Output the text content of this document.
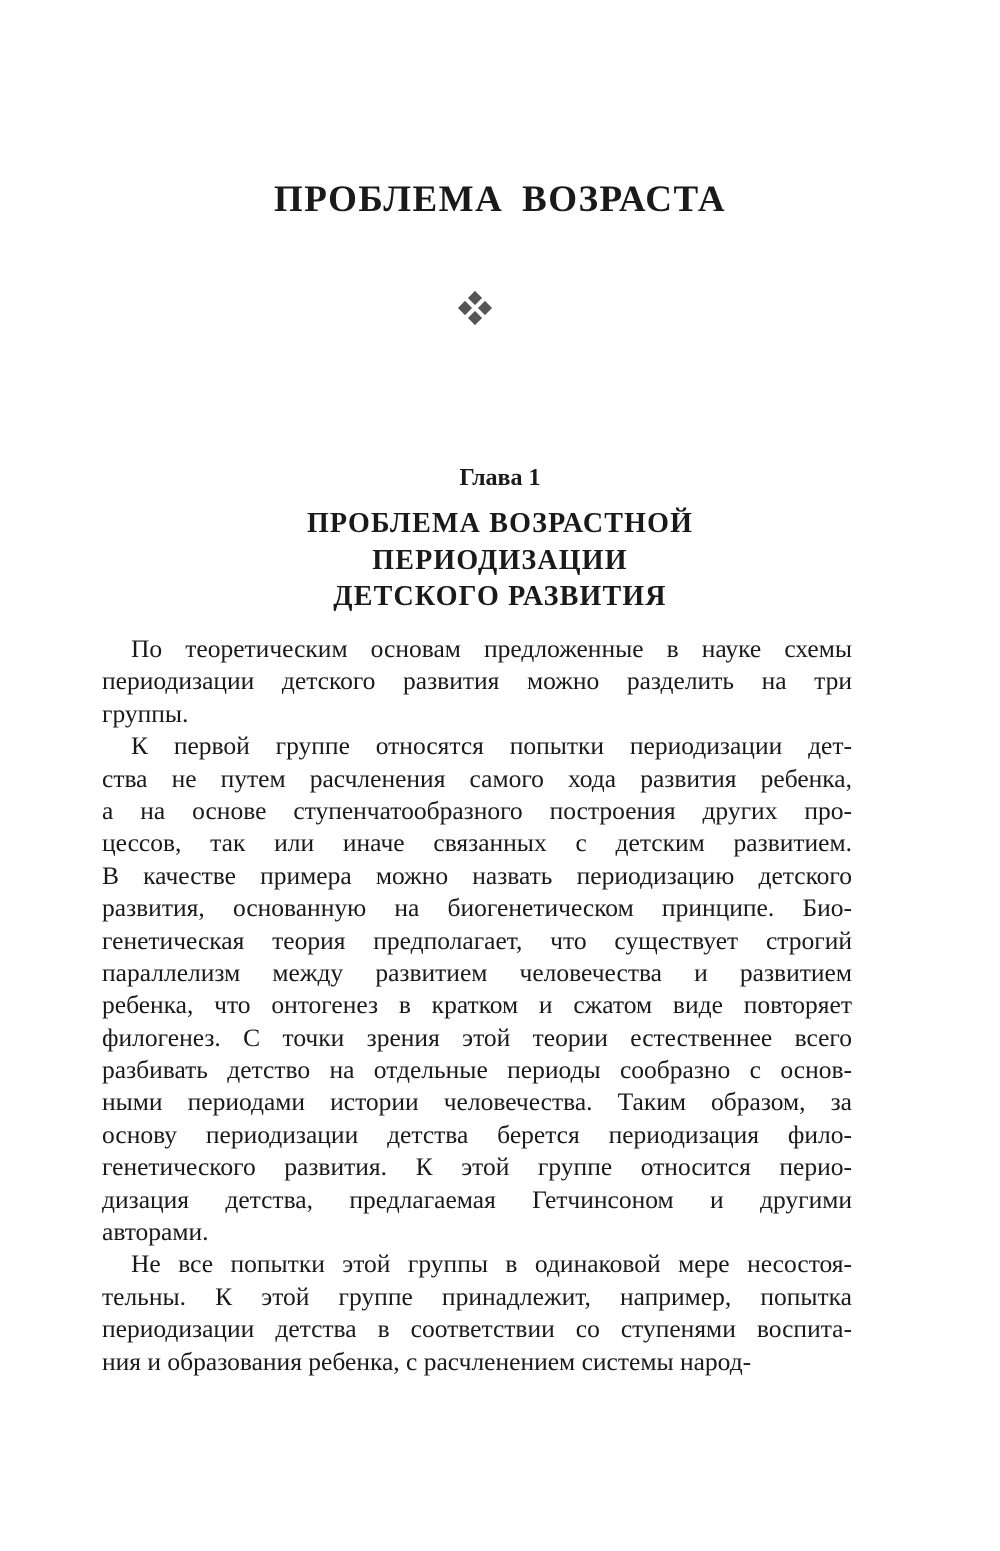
ПРОБЛЕМА ВОЗРАСТА
Глава 1
ПРОБЛЕМА ВОЗРАСТНОЙ
ПЕРИОДИЗАЦИИ
ДЕТСКОГО РАЗВИТИЯ
По теоретическим основам предложенные в науке схемы
периодизации детского развития можно разделить на три
группы.
К первой группе относятся попытки периодизации дет-
ства не путем расчленения самого хода развития ребенка,
а на основе ступенчатообразного построения других про-
цессов, так или иначе связанных с детским развитием.
В качестве примера можно назвать периодизацию детского
развития, основанную на биогенетическом принципе. Био-
генетическая теория предполагает, что существует строгий
параллелизм между развитием человечества и развитием
ребенка, что онтогенез в кратком и сжатом виде повторяет
филогенез. С точки зрения этой теории естественнее всего
разбивать детство на отдельные периоды сообразно с основ-
ными периодами истории человечества. Таким образом, за
основу периодизации детства берется периодизация фило-
генетического развития. К этой группе относится перио-
дизация детства, предлагаемая Гетчинсоном и другими
авторами.
Не все попытки этой группы в одинаковой мере несостоя-
тельны. К этой группе принадлежит, например, попытка
периодизации детства в соответствии со ступенями воспита-
ния и образования ребенка, с расчленением системы народ-
